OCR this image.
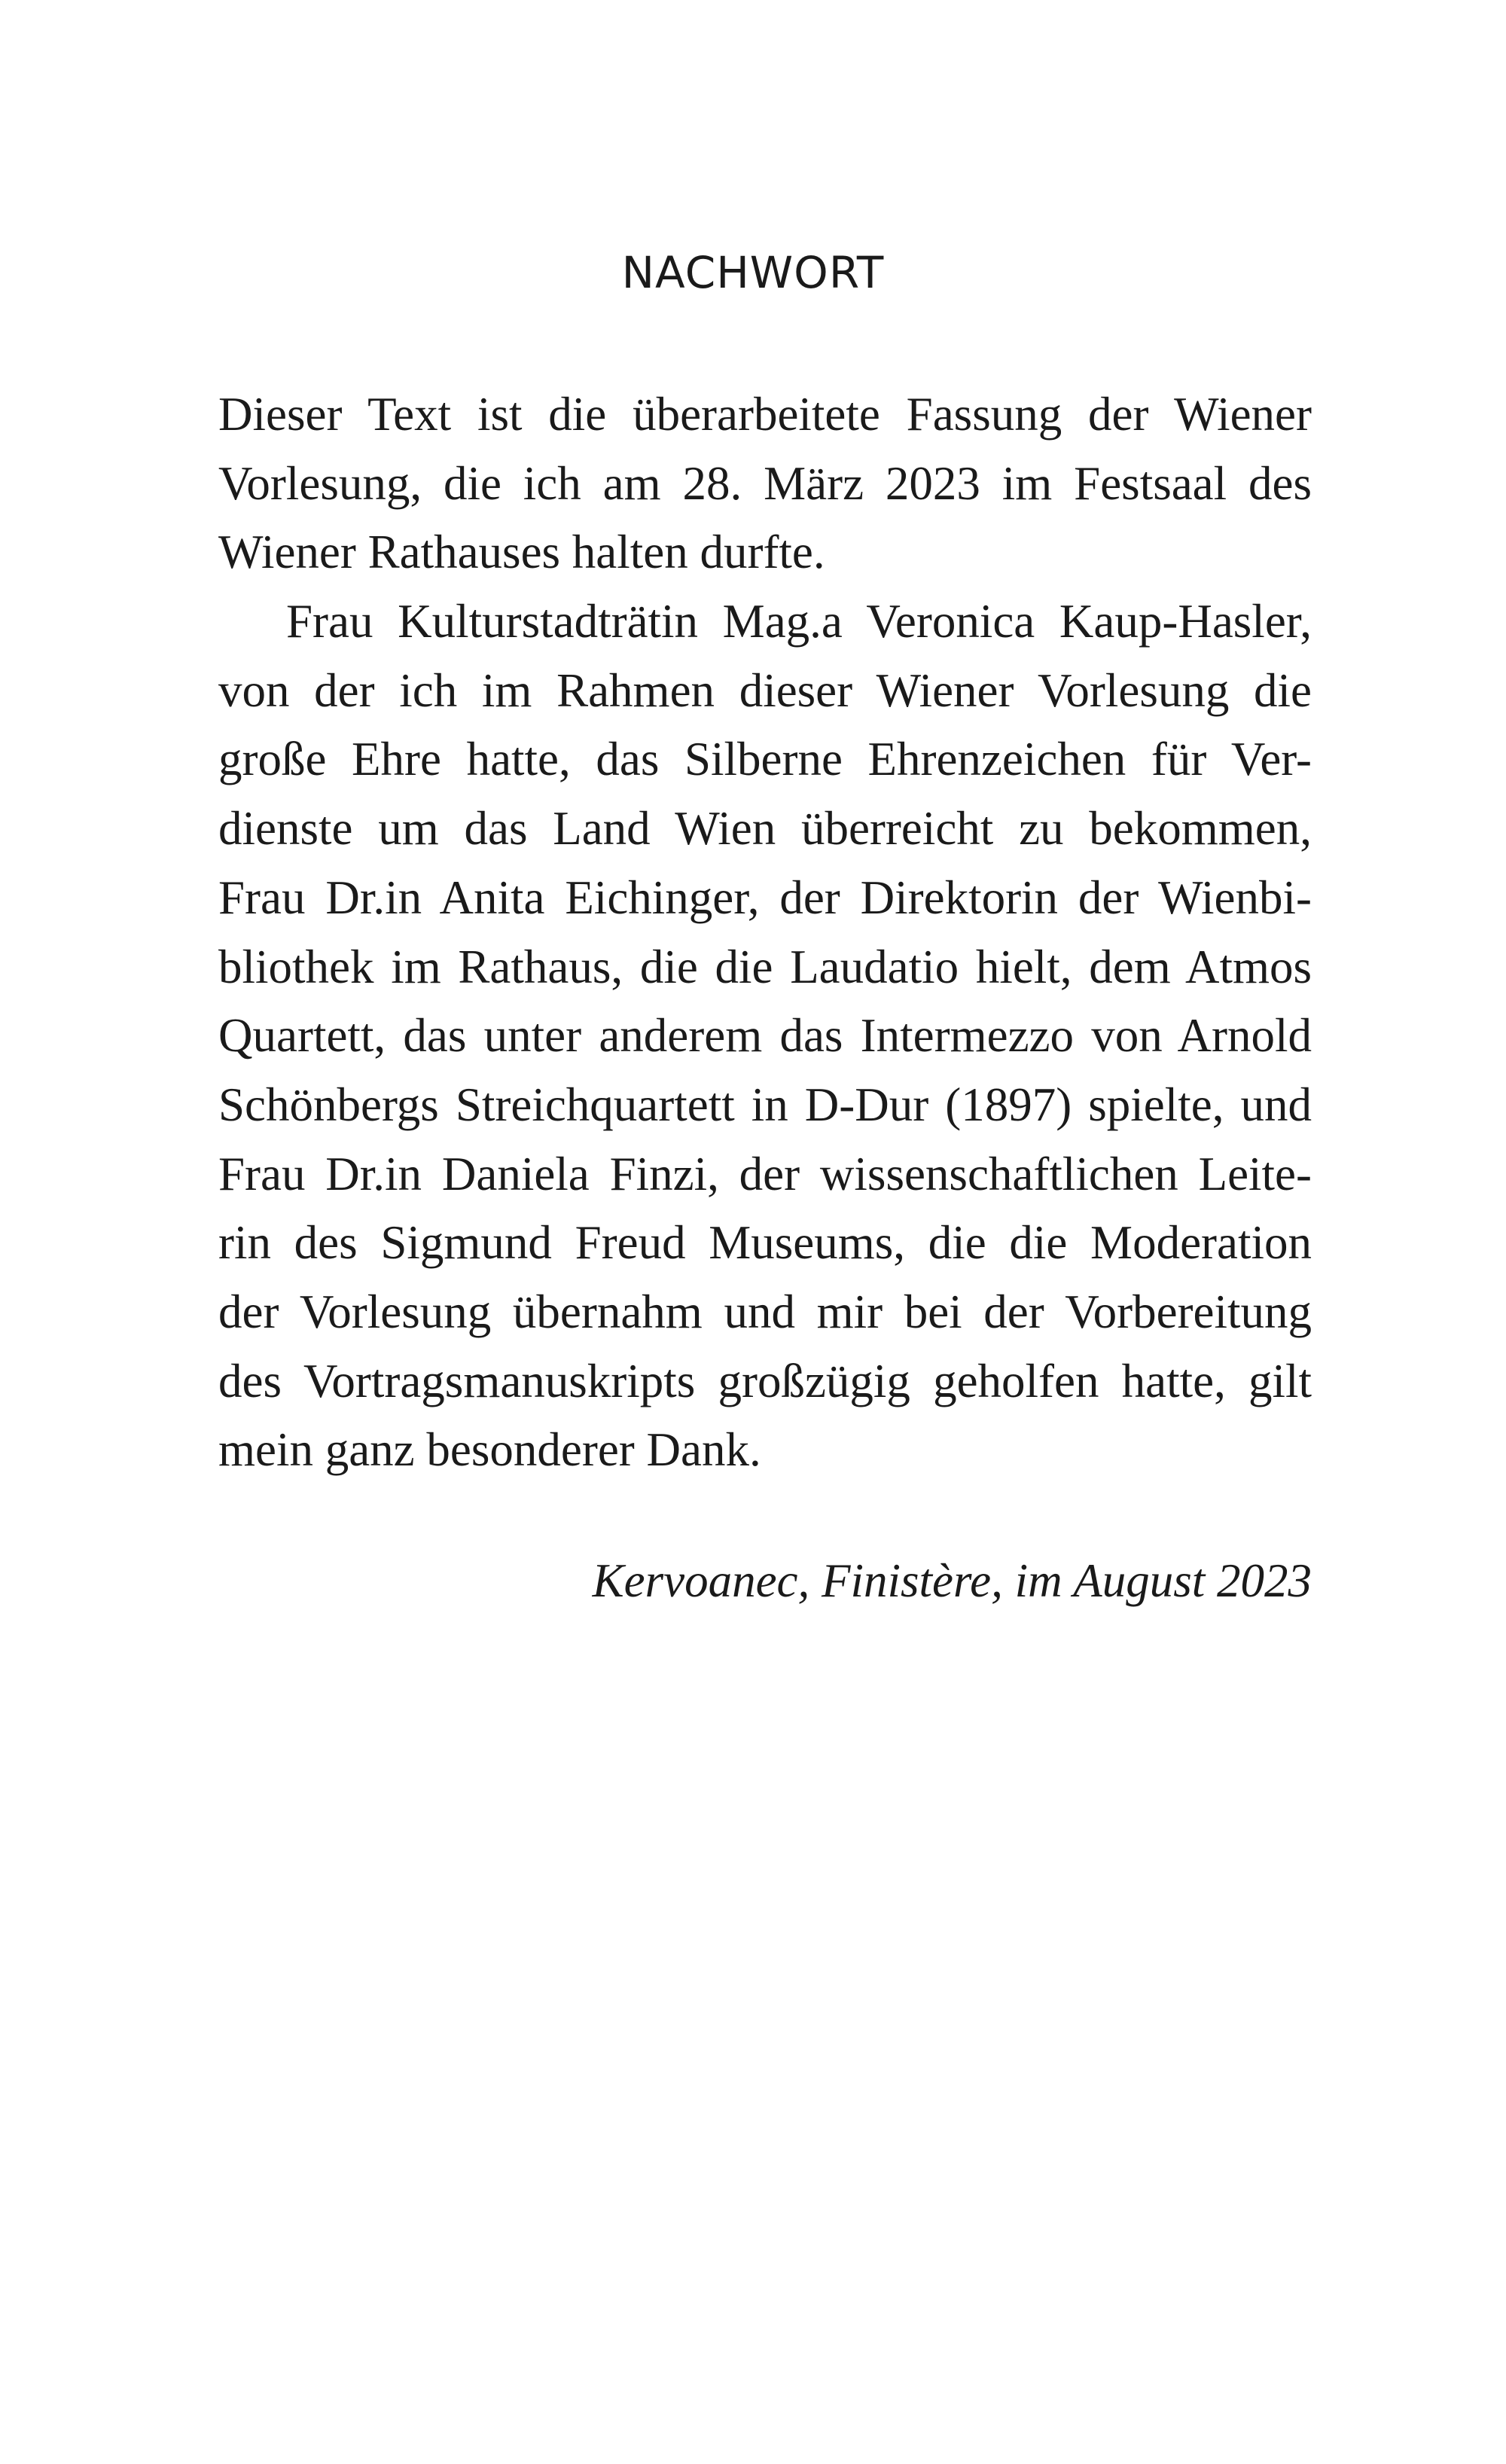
NACHWORT
Dieser Text ist die überarbeitete Fassung der Wiener
Vorlesung, die ich am 28. März 2023 im Festsaal des
Wiener Rathauses halten durfte.
Frau Kulturstadträtin Mag.a Veronica Kaup-Hasler,
von der ich im Rahmen dieser Wiener Vorlesung die
große Ehre hatte, das Silberne Ehrenzeichen für Ver-
dienste um das Land Wien überreicht zu bekommen,
Frau Dr.in Anita Eichinger, der Direktorin der Wienbi-
bliothek im Rathaus, die die Laudatio hielt, dem Atmos
Quartett, das unter anderem das Intermezzo von Arnold
Schönbergs Streichquartett in D-Dur (1897) spielte, und
Frau Dr.in Daniela Finzi, der wissenschaftlichen Leite-
rin des Sigmund Freud Museums, die die Moderation
der Vorlesung übernahm und mir bei der Vorbereitung
des Vortragsmanuskripts großzügig geholfen hatte, gilt
mein ganz besonderer Dank.
Kervoanec, Finistère, im August 2023
